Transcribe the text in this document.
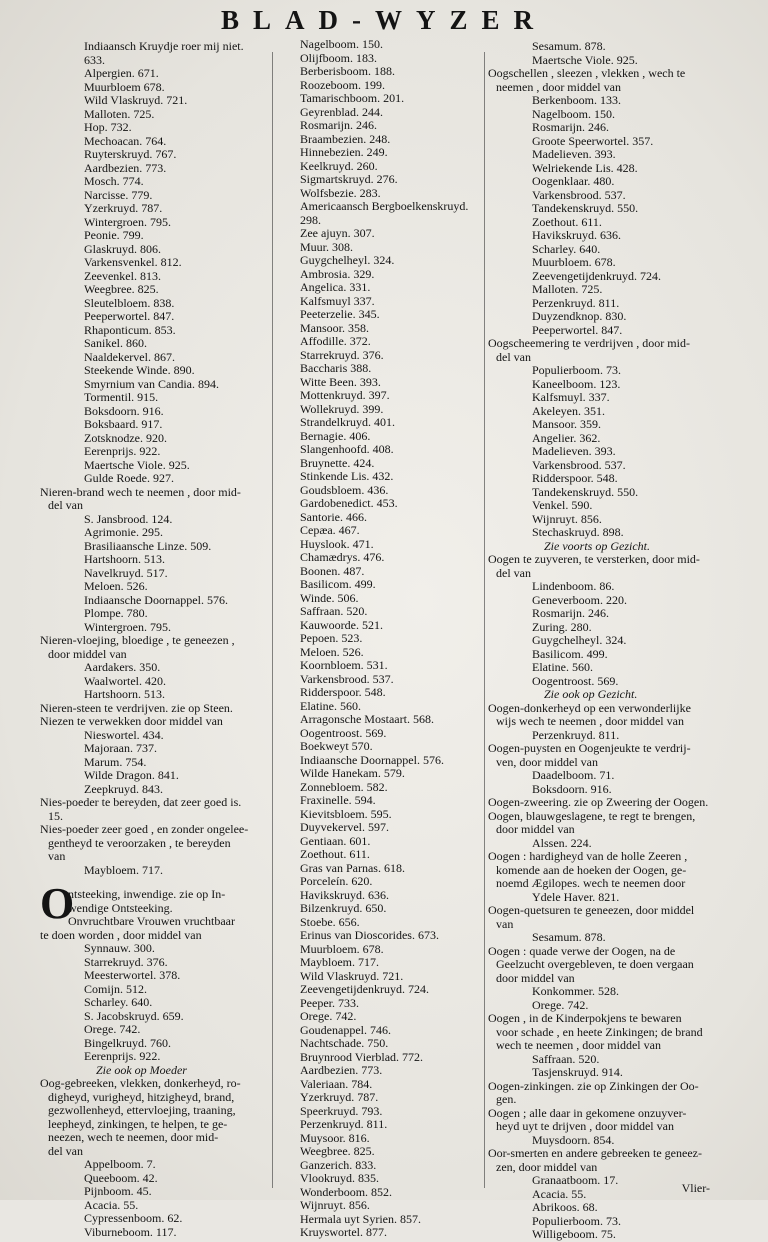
BLAD-WYZER
Indiaansch Kruydje roer mij niet.
633.
Alpergien. 671.
Muurbloem 678.
Wild Vlaskruyd. 721.
Malloten. 725.
Hop. 732.
Mechoacan. 764.
Ruyterskruyd. 767.
Aardbezien. 773.
Mosch. 774.
Narcisse. 779.
Yzerkruyd. 787.
Wintergroen. 795.
Peonie. 799.
Glaskruyd. 806.
Varkensvenkel. 812.
Zeevenkel. 813.
Weegbree. 825.
Sleutelbloem. 838.
Peeperwortel. 847.
Rhaponticum. 853.
Sanikel. 860.
Naaldekervel. 867.
Steekende Winde. 890.
Smyrnium van Candia. 894.
Tormentil. 915.
Boksdoorn. 916.
Boksbaard. 917.
Zotsknodze. 920.
Eerenprijs. 922.
Maertsche Viole. 925.
Gulde Roede. 927.
Nieren-brand wech te neemen , door mid-
del van
S. Jansbrood. 124.
Agrimonie. 295.
Brasiliaansche Linze. 509.
Hartshoorn. 513.
Navelkruyd. 517.
Meloen. 526.
Indiaansche Doornappel. 576.
Plompe. 780.
Wintergroen. 795.
Nieren-vloejing, bloedige , te geneezen ,
door middel van
Aardakers. 350.
Waalwortel. 420.
Hartshoorn. 513.
Nieren-steen te verdrijven. zie op Steen.
Niezen te verwekken door middel van
Nieswortel. 434.
Majoraan. 737.
Marum. 754.
Wilde Dragon. 841.
Zeepkruyd. 843.
Nies-poeder te bereyden, dat zeer goed is.
15.
Nies-poeder zeer goed , en zonder ongelee-
gentheyd te veroorzaken , te bereyden
van
Maybloem. 717.
O
ntsteeking, inwendige. zie op In-
wendige Ontsteeking.
Onvruchtbare Vrouwen vruchtbaar
te doen worden , door middel van
Synnauw. 300.
Starrekruyd. 376.
Meesterwortel. 378.
Comijn. 512.
Scharley. 640.
S. Jacobskruyd. 659.
Orege. 742.
Bingelkruyd. 760.
Eerenprijs. 922.
Zie ook op Moeder
Oog-gebreeken, vlekken, donkerheyd, ro-
digheyd, vurigheyd, hitzigheyd, brand,
gezwollenheyd, ettervloejing, traaning,
leepheyd, zinkingen, te helpen, te ge-
neezen, wech te neemen, door mid-
del van
Appelboom. 7.
Queeboom. 42.
Pijnboom. 45.
Acacia. 55.
Cypressenboom. 62.
Viburneboom. 117.
Nagelboom. 150.
Olijfboom. 183.
Berberisboom. 188.
Roozeboom. 199.
Tamarischboom. 201.
Geyrenblad. 244.
Rosmarijn. 246.
Braambezien. 248.
Hinnebezien. 249.
Keelkruyd. 260.
Sigmartskruyd. 276.
Wolfsbezie. 283.
Americaansch Bergboelkenskruyd.
298.
Zee ajuyn. 307.
Muur. 308.
Guygchelheyl. 324.
Ambrosia. 329.
Angelica. 331.
Kalfsmuyl 337.
Peeterzelie. 345.
Mansoor. 358.
Affodille. 372.
Starrekruyd. 376.
Baccharis 388.
Witte Been. 393.
Mottenkruyd. 397.
Wollekruyd. 399.
Strandelkruyd. 401.
Bernagie. 406.
Slangenhoofd. 408.
Bruynette. 424.
Stinkende Lis. 432.
Goudsbloem. 436.
Gardobenedict. 453.
Santorie. 466.
Cepæa. 467.
Huyslook. 471.
Chamædrys. 476.
Boonen. 487.
Basilicom. 499.
Winde. 506.
Saffraan. 520.
Kauwoorde. 521.
Pepoen. 523.
Meloen. 526.
Koornbloem. 531.
Varkensbrood. 537.
Ridderspoor. 548.
Elatine. 560.
Arragonsche Mostaart. 568.
Oogentroost. 569.
Boekweyt 570.
Indiaansche Doornappel. 576.
Wilde Hanekam. 579.
Zonnebloem. 582.
Fraxinelle. 594.
Kievitsbloem. 595.
Duyvekervel. 597.
Gentiaan. 601.
Zoethout. 611.
Gras van Parnas. 618.
Porceleín. 620.
Havikskruyd. 636.
Bilzenkruyd. 650.
Stoebe. 656.
Erinus van Dioscorides. 673.
Muurbloem. 678.
Maybloem. 717.
Wild Vlaskruyd. 721.
Zeevengetijdenkruyd. 724.
Peeper. 733.
Orege. 742.
Goudenappel. 746.
Nachtschade. 750.
Bruynrood Vierblad. 772.
Aardbezien. 773.
Valeriaan. 784.
Yzerkruyd. 787.
Speerkruyd. 793.
Perzenkruyd. 811.
Muysoor. 816.
Weegbree. 825.
Ganzerich. 833.
Vlookruyd. 835.
Wonderboom. 852.
Wijnruyt. 856.
Hermala uyt Syrien. 857.
Kruyswortel. 877.
Sesamum. 878.
Maertsche Viole. 925.
Oogschellen , sleezen , vlekken , wech te
neemen , door middel van
Berkenboom. 133.
Nagelboom. 150.
Rosmarijn. 246.
Groote Speerwortel. 357.
Madelieven. 393.
Welriekende Lis. 428.
Oogenklaar. 480.
Varkensbrood. 537.
Tandekenskruyd. 550.
Zoethout. 611.
Havikskruyd. 636.
Scharley. 640.
Muurbloem. 678.
Zeevengetijdenkruyd. 724.
Malloten. 725.
Perzenkruyd. 811.
Duyzendknop. 830.
Peeperwortel. 847.
Oogscheemering te verdrijven , door mid-
del van
Populierboom. 73.
Kaneelboom. 123.
Kalfsmuyl. 337.
Akeleyen. 351.
Mansoor. 359.
Angelier. 362.
Madelieven. 393.
Varkensbrood. 537.
Ridderspoor. 548.
Tandekenskruyd. 550.
Venkel. 590.
Wijnruyt. 856.
Stechaskruyd. 898.
Zie voorts op Gezicht.
Oogen te zuyveren, te versterken, door mid-
del van
Lindenboom. 86.
Geneverboom. 220.
Rosmarijn. 246.
Zuring. 280.
Guygchelheyl. 324.
Basilicom. 499.
Elatine. 560.
Oogentroost. 569.
Zie ook op Gezicht.
Oogen-donkerheyd op een verwonderlijke
wijs wech te neemen , door middel van
Perzenkruyd. 811.
Oogen-puysten en Oogenjeukte te verdrij-
ven, door middel van
Daadelboom. 71.
Boksdoorn. 916.
Oogen-zweering. zie op Zweering der Oogen.
Oogen, blauwgeslagene, te regt te brengen,
door middel van
Alssen. 224.
Oogen : hardigheyd van de holle Zeeren ,
komende aan de hoeken der Oogen, ge-
noemd Ægilopes. wech te neemen door
Ydele Haver. 821.
Oogen-quetsuren te geneezen, door middel
van
Sesamum. 878.
Oogen : quade verwe der Oogen, na de
Geelzucht overgebleven, te doen vergaan
door middel van
Konkommer. 528.
Orege. 742.
Oogen , in de Kinderpokjens te bewaren
voor schade , en heete Zinkingen; de brand
wech te neemen , door middel van
Saffraan. 520.
Tasjenskruyd. 914.
Oogen-zinkingen. zie op Zinkingen der Oo-
gen.
Oogen ; alle daar in gekomene onzuyver-
heyd uyt te drijven , door middel van
Muysdoorn. 854.
Oor-smerten en andere gebreeken te geneez-
zen, door middel van
Granaatboom. 17.
Acacia. 55.
Abrikoos. 68.
Populierboom. 73.
Willigeboom. 75.
Vlier-
